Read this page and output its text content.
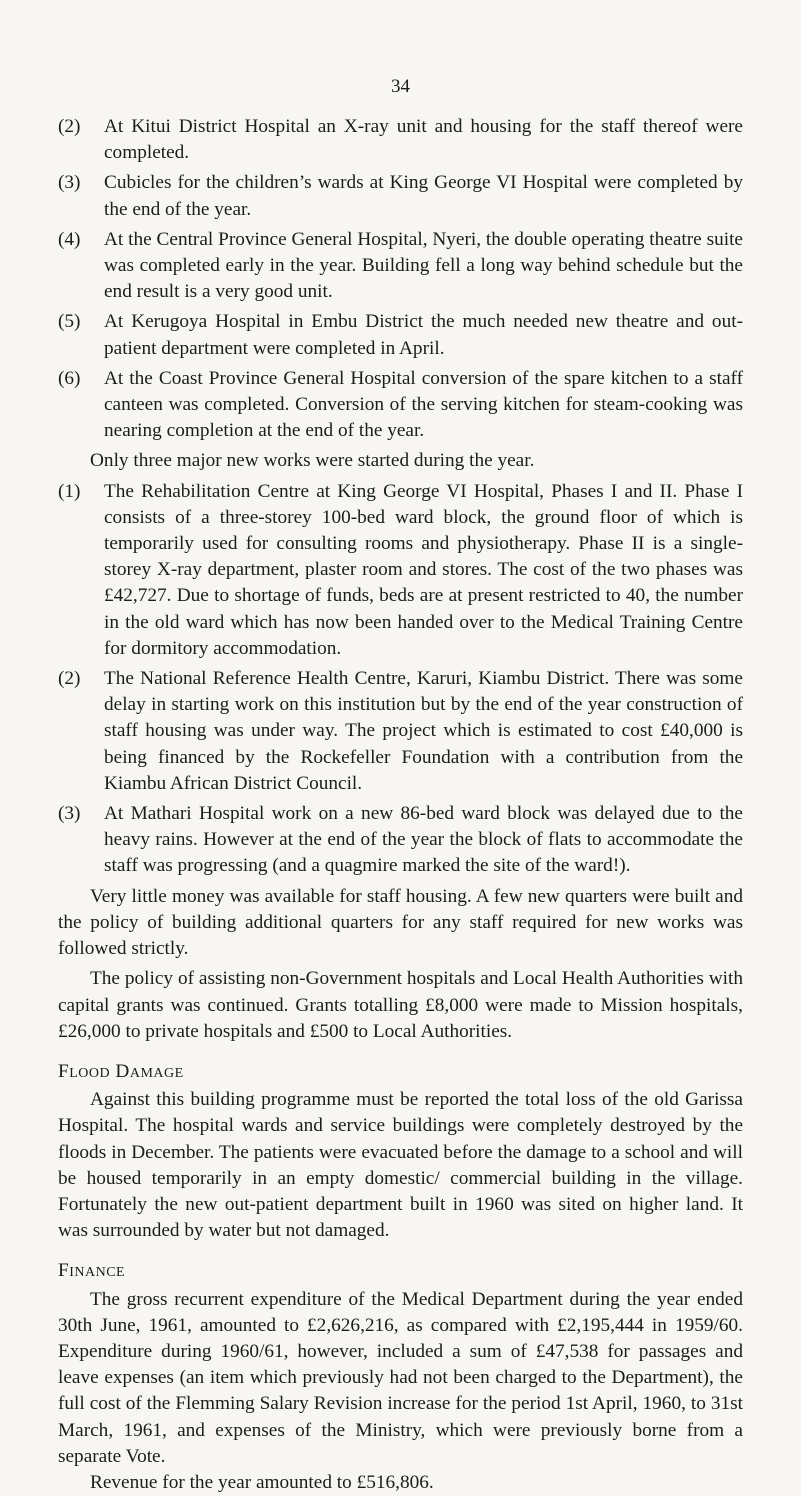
34

(2) At Kitui District Hospital an X-ray unit and housing for the staff thereof were completed.

(3) Cubicles for the children’s wards at King George VI Hospital were completed by the end of the year.

(4) At the Central Province General Hospital, Nyeri, the double operating theatre suite was completed early in the year. Building fell a long way behind schedule but the end result is a very good unit.

(5) At Kerugoya Hospital in Embu District the much needed new theatre and out-patient department were completed in April.

(6) At the Coast Province General Hospital conversion of the spare kitchen to a staff canteen was completed. Conversion of the serving kitchen for steam-cooking was nearing completion at the end of the year.

Only three major new works were started during the year.

(1) The Rehabilitation Centre at King George VI Hospital, Phases I and II. Phase I consists of a three-storey 100-bed ward block, the ground floor of which is temporarily used for consulting rooms and physiotherapy. Phase II is a single-storey X-ray department, plaster room and stores. The cost of the two phases was £42,727. Due to shortage of funds, beds are at present restricted to 40, the number in the old ward which has now been handed over to the Medical Training Centre for dormitory accommodation.

(2) The National Reference Health Centre, Karuri, Kiambu District. There was some delay in starting work on this institution but by the end of the year construction of staff housing was under way. The project which is estimated to cost £40,000 is being financed by the Rockefeller Foundation with a contribution from the Kiambu African District Council.

(3) At Mathari Hospital work on a new 86-bed ward block was delayed due to the heavy rains. However at the end of the year the block of flats to accommodate the staff was progressing (and a quagmire marked the site of the ward!).

Very little money was available for staff housing. A few new quarters were built and the policy of building additional quarters for any staff required for new works was followed strictly.

The policy of assisting non-Government hospitals and Local Health Authorities with capital grants was continued. Grants totalling £8,000 were made to Mission hospitals, £26,000 to private hospitals and £500 to Local Authorities.

Flood Damage

Against this building programme must be reported the total loss of the old Garissa Hospital. The hospital wards and service buildings were completely destroyed by the floods in December. The patients were evacuated before the damage to a school and will be housed temporarily in an empty domestic/ commercial building in the village. Fortunately the new out-patient department built in 1960 was sited on higher land. It was surrounded by water but not damaged.

Finance

The gross recurrent expenditure of the Medical Department during the year ended 30th June, 1961, amounted to £2,626,216, as compared with £2,195,444 in 1959/60. Expenditure during 1960/61, however, included a sum of £47,538 for passages and leave expenses (an item which previously had not been charged to the Department), the full cost of the Flemming Salary Revision increase for the period 1st April, 1960, to 31st March, 1961, and expenses of the Ministry, which were previously borne from a separate Vote.

Revenue for the year amounted to £516,806.
